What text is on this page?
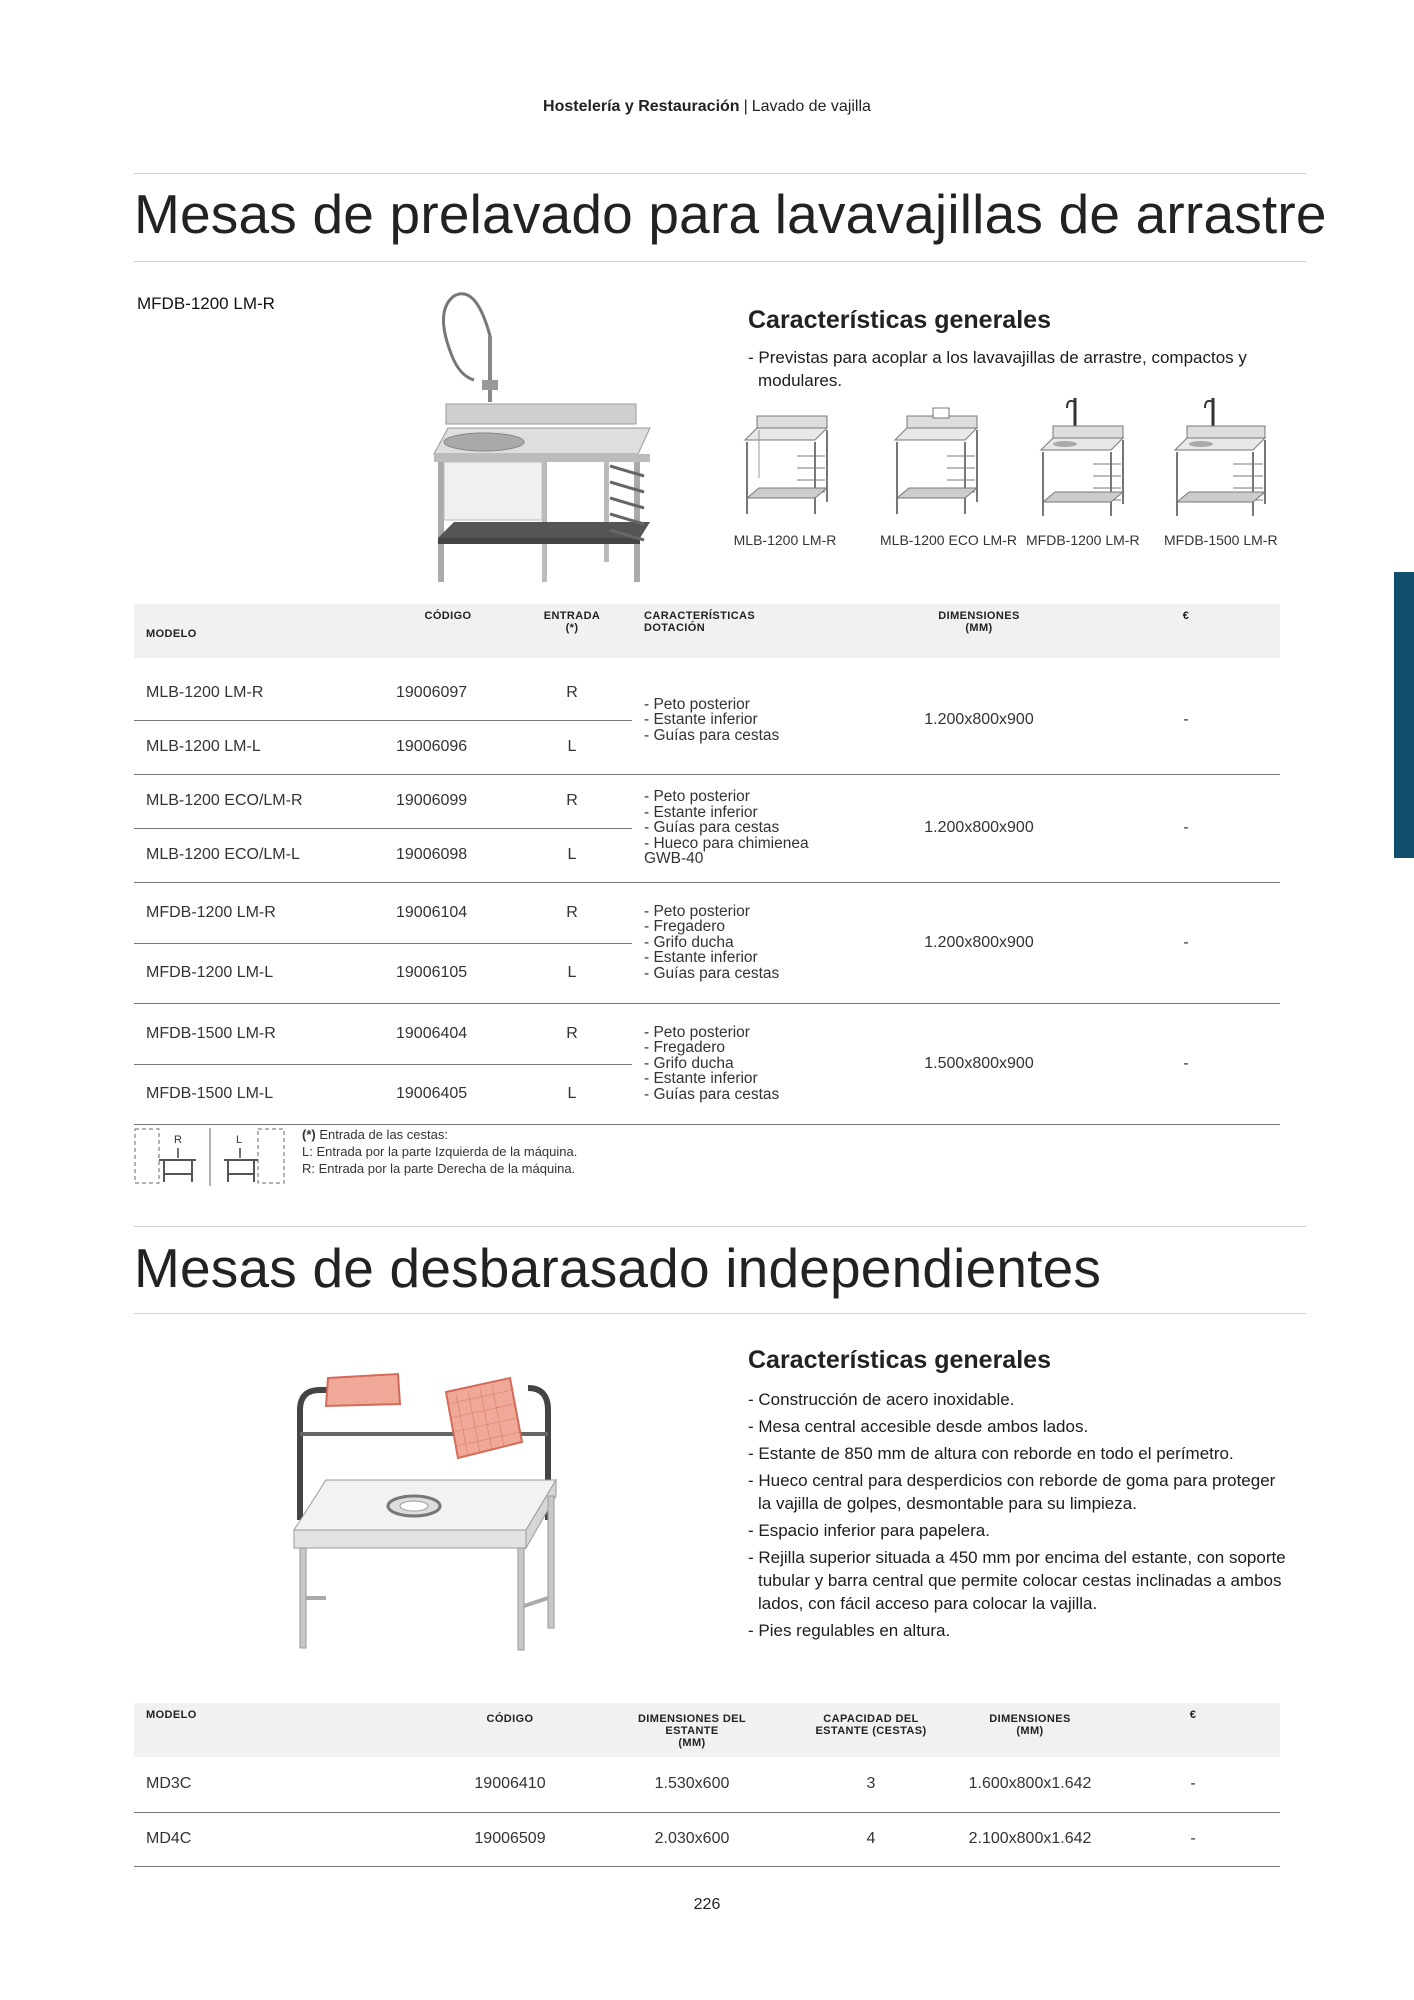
Hostelería y Restauración | Lavado de vajilla
Mesas de prelavado para lavavajillas de arrastre
MFDB-1200 LM-R
Características generales
- Previstas para acoplar a los lavavajillas de arrastre, compactos y modulares.
MLB-1200 LM-R	MLB-1200 ECO LM-R MFDB-1200 LM-R MFDB-1500 LM-R
MODELO	CÓDIGO	ENTRADA
(*)	CARACTERÍSTICAS
DOTACIÓN	DIMENSIONES
(MM)	€

MLB-1200 LM-R	19006097	R	- Peto posterior
- Estante inferior
- Guías para cestas	1.200x800x900	-
MLB-1200 LM-L	19006096	L			
MLB-1200 ECO/LM-R	19006099	R	- Peto posterior
- Estante inferior
- Guías para cestas
- Hueco para chimienea GWB-40	1.200x800x900	-
MLB-1200 ECO/LM-L	19006098	L			
MFDB-1200 LM-R	19006104	R	- Peto posterior
- Fregadero
- Grifo ducha
- Estante inferior
- Guías para cestas	1.200x800x900	-
MFDB-1200 LM-L	19006105	L			
MFDB-1500 LM-R	19006404	R	- Peto posterior
- Fregadero
- Grifo ducha
- Estante inferior
- Guías para cestas	1.500x800x900	-
MFDB-1500 LM-L	19006405	L			
R	L	(*) Entrada de las cestas:
L: Entrada por la parte Izquierda de la máquina.
R: Entrada por la parte Derecha de la máquina.
Mesas de desbarasado independientes
Características generales
- Construcción de acero inoxidable.
- Mesa central accesible desde ambos lados.
- Estante de 850 mm de altura con reborde en todo el perímetro.
- Hueco central para desperdicios con reborde de goma para proteger la vajilla de golpes, desmontable para su limpieza.
- Espacio inferior para papelera.
- Rejilla superior situada a 450 mm por encima del estante, con soporte tubular y barra central que permite colocar cestas inclinadas a ambos lados, con fácil acceso para colocar la vajilla.
- Pies regulables en altura.
MODELO	CÓDIGO	DIMENSIONES DEL
ESTANTE
(MM)	CAPACIDAD DEL
ESTANTE (CESTAS)	DIMENSIONES
(MM)	€
MD3C	19006410	1.530x600	3	1.600x800x1.642	-
MD4C	19006509	2.030x600	4	2.100x800x1.642	-
226
